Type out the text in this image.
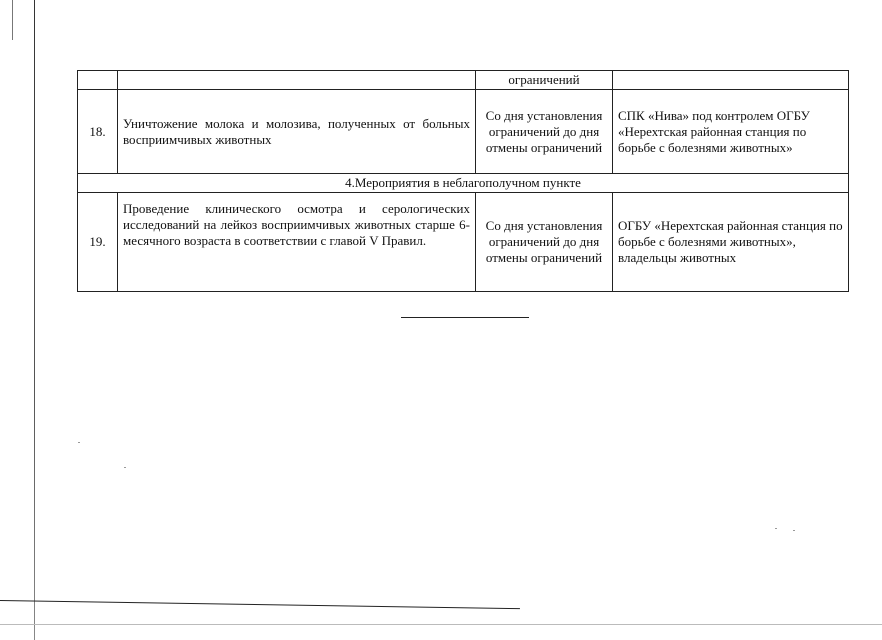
		ограничений	
18.	Уничтожение молока и молозива, полученных от больных восприимчивых животных	Со дня установления ограничений до дня отмены ограничений	СПК «Нива» под контролем ОГБУ «Нерехтская районная станция по борьбе с болезнями животных»
4.Мероприятия в неблагополучном пункте			
19.	Проведение клинического осмотра и серологических исследований на лейкоз восприимчивых животных старше 6-месячного возраста в соответствии с главой V Правил.	Со дня установления ограничений до дня отмены ограничений	ОГБУ «Нерехтская районная станция по борьбе с болезнями животных», владельцы животных
